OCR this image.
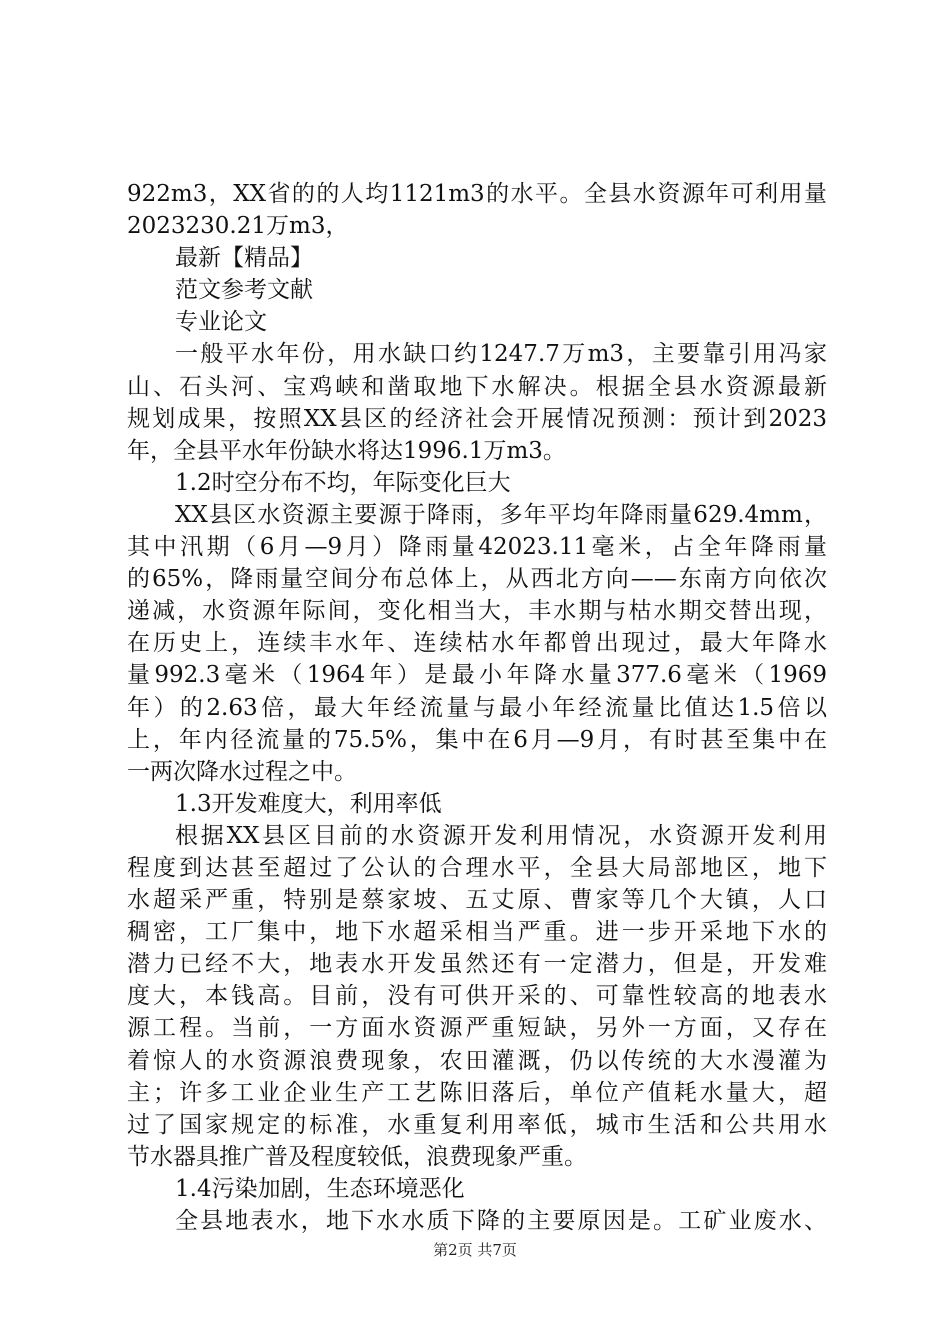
922m3，XX省的的人均1121m3的水平。全县水资源年可利用量
2023230.21万m3，
最新【精品】
范文参考文献
专业论文
一般平水年份，用水缺口约1247.7万m3，主要靠引用冯家
山、石头河、宝鸡峡和凿取地下水解决。根据全县水资源最新
规划成果，按照XX县区的经济社会开展情况预测：预计到2023
年，全县平水年份缺水将达1996.1万m3。
1.2时空分布不均，年际变化巨大
XX县区水资源主要源于降雨，多年平均年降雨量629.4mm，
其中汛期（6月—9月）降雨量42023.11毫米，占全年降雨量
的65%，降雨量空间分布总体上，从西北方向——东南方向依次
递减，水资源年际间，变化相当大，丰水期与枯水期交替出现，
在历史上，连续丰水年、连续枯水年都曾出现过，最大年降水
量992.3毫米（1964年）是最小年降水量377.6毫米（1969
年）的2.63倍，最大年经流量与最小年经流量比值达1.5倍以
上，年内径流量的75.5%，集中在6月—9月，有时甚至集中在
一两次降水过程之中。
1.3开发难度大，利用率低
根据XX县区目前的水资源开发利用情况，水资源开发利用
程度到达甚至超过了公认的合理水平，全县大局部地区，地下
水超采严重，特别是蔡家坡、五丈原、曹家等几个大镇，人口
稠密，工厂集中，地下水超采相当严重。进一步开采地下水的
潜力已经不大，地表水开发虽然还有一定潜力，但是，开发难
度大，本钱高。目前，没有可供开采的、可靠性较高的地表水
源工程。当前，一方面水资源严重短缺，另外一方面，又存在
着惊人的水资源浪费现象，农田灌溉，仍以传统的大水漫灌为
主；许多工业企业生产工艺陈旧落后，单位产值耗水量大，超
过了国家规定的标准，水重复利用率低，城市生活和公共用水
节水器具推广普及程度较低，浪费现象严重。
1.4污染加剧，生态环境恶化
全县地表水，地下水水质下降的主要原因是。工矿业废水、
第2页 共7页
